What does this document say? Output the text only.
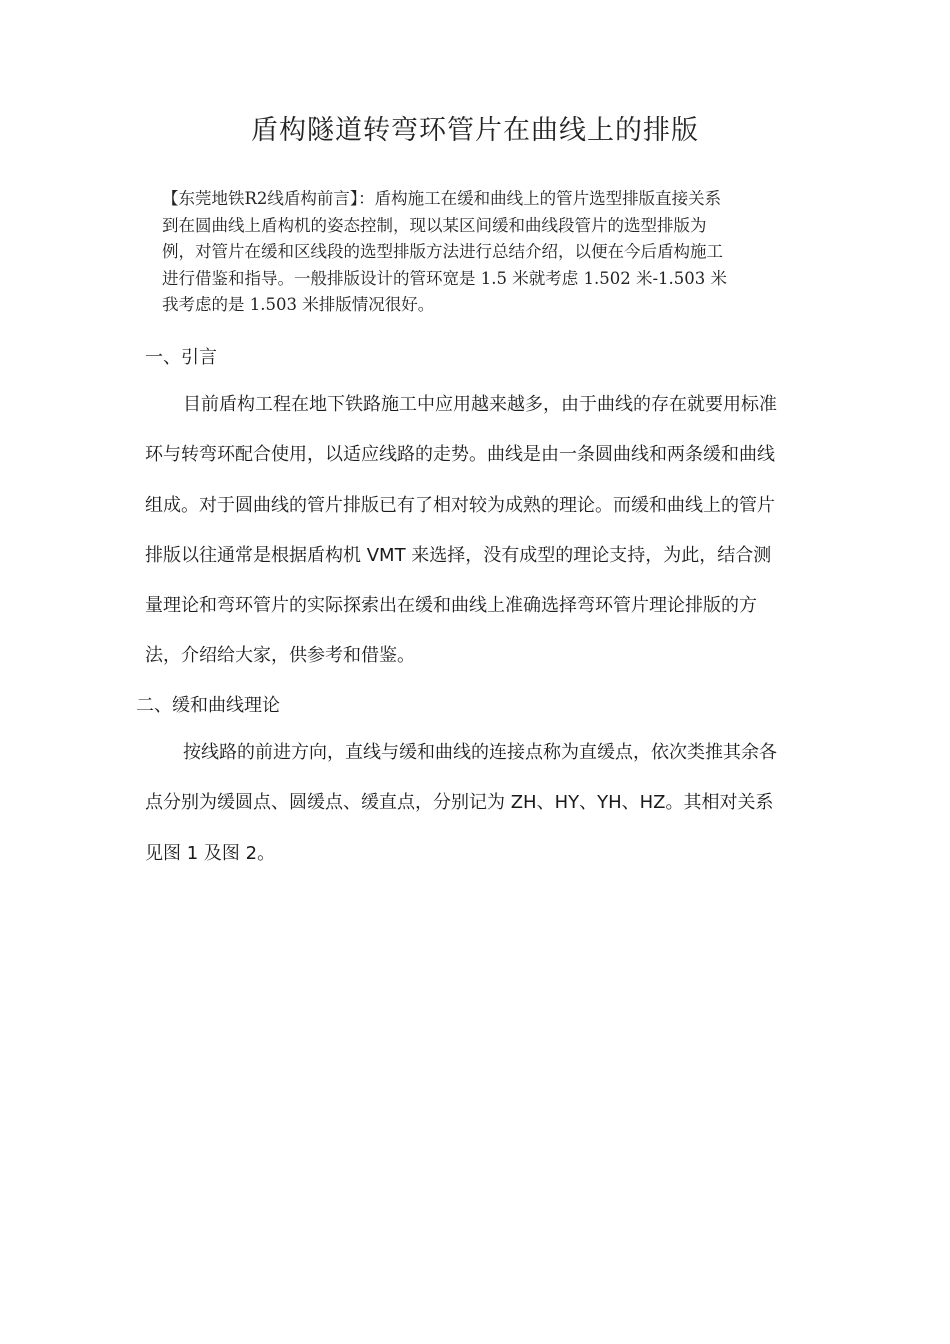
盾构隧道转弯环管片在曲线上的排版
【东莞地铁R2线盾构前言】：盾构施工在缓和曲线上的管片选型排版直接关系
到在圆曲线上盾构机的姿态控制，现以某区间缓和曲线段管片的选型排版为
例，对管片在缓和区线段的选型排版方法进行总结介绍，以便在今后盾构施工
进行借鉴和指导。一般排版设计的管环宽是 1.5 米就考虑 1.502 米-1.503 米
我考虑的是 1.503 米排版情况很好。
一、引言
目前盾构工程在地下铁路施工中应用越来越多，由于曲线的存在就要用标准
环与转弯环配合使用，以适应线路的走势。曲线是由一条圆曲线和两条缓和曲线
组成。对于圆曲线的管片排版已有了相对较为成熟的理论。而缓和曲线上的管片
排版以往通常是根据盾构机 VMT 来选择，没有成型的理论支持，为此，结合测
量理论和弯环管片的实际探索出在缓和曲线上准确选择弯环管片理论排版的方
法，介绍给大家，供参考和借鉴。
二、缓和曲线理论
按线路的前进方向，直线与缓和曲线的连接点称为直缓点，依次类推其余各
点分别为缓圆点、圆缓点、缓直点，分别记为 ZH、HY、YH、HZ。其相对关系
见图 1 及图 2。
